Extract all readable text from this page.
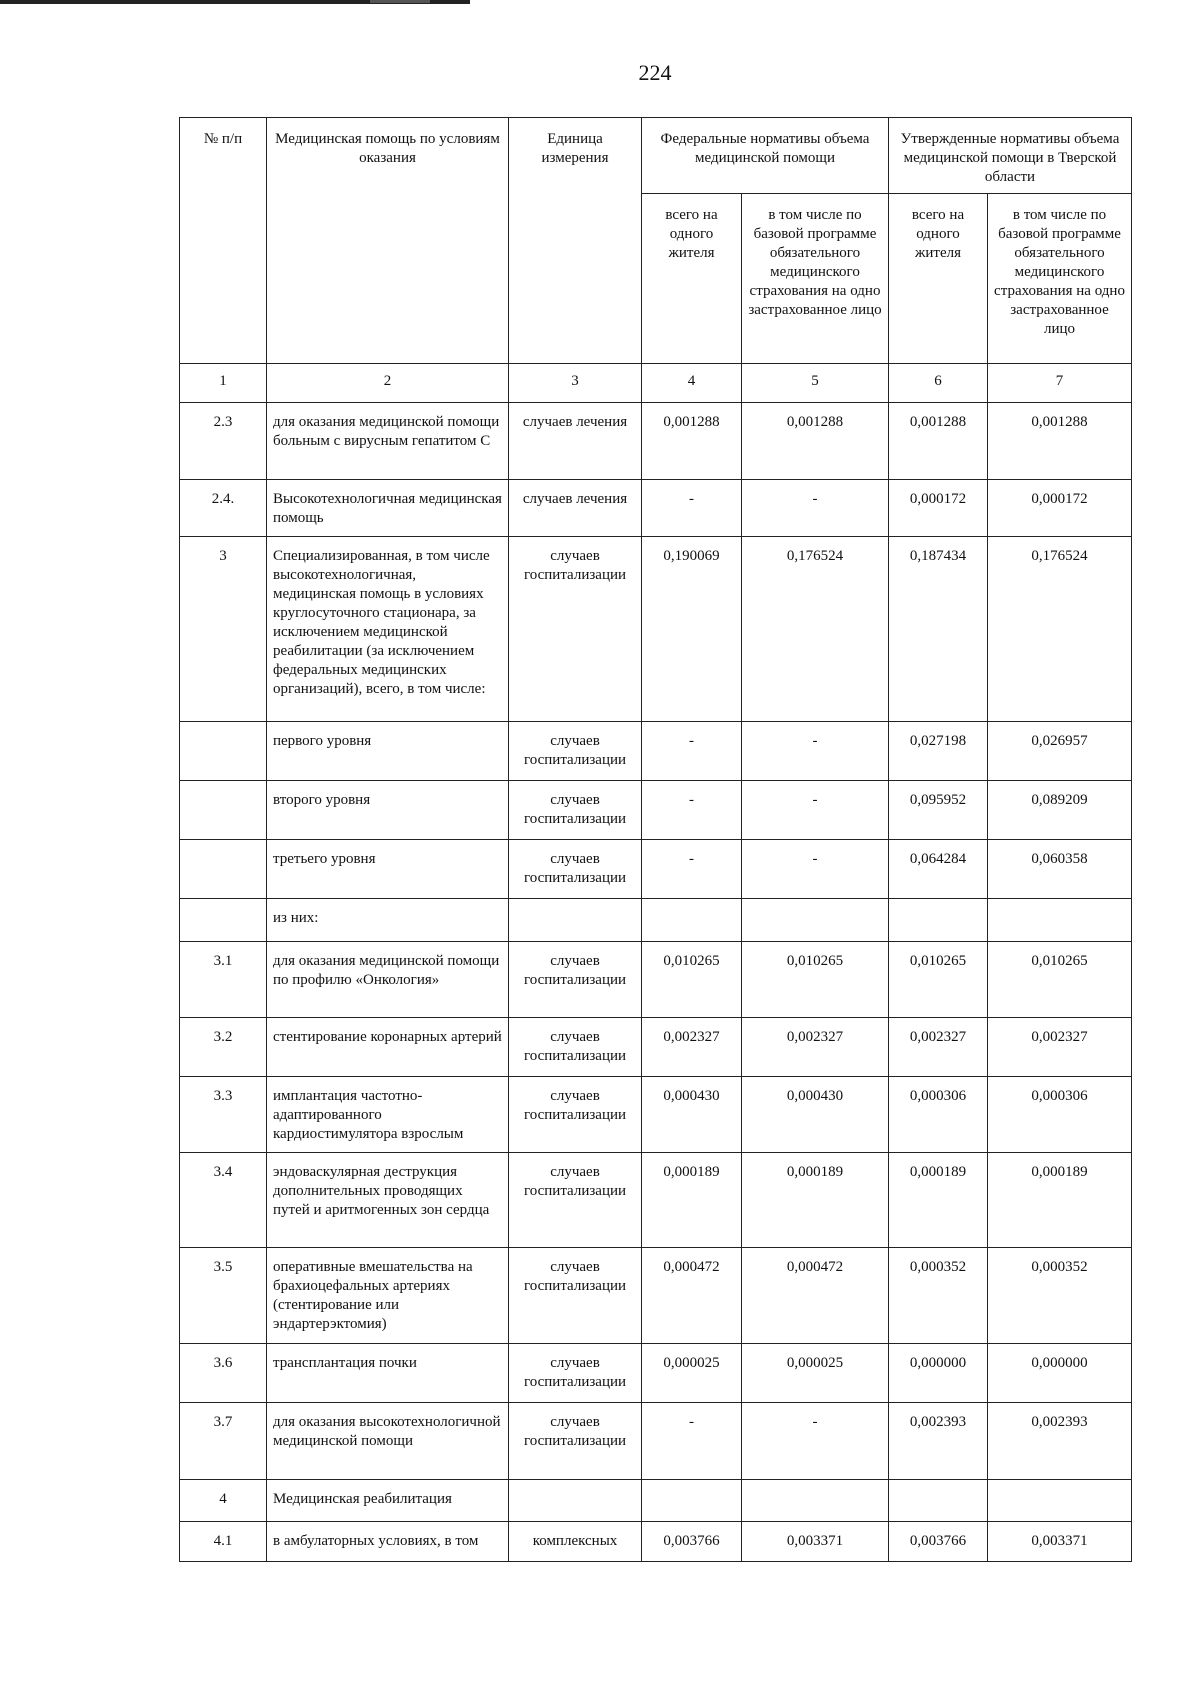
224
№ п/п	Медицинская помощь по условиям оказания	Единица измерения	Федеральные нормативы объема медицинской помощи		Утвержденные нормативы объема медицинской помощи в Тверской области	
			всего на одного жителя	в том числе по базовой программе обязательного медицинского страхования на одно застрахованное лицо	всего на одного жителя	в том числе по базовой программе обязательного медицинского страхования на одно застрахованное лицо
1	2	3	4	5	6	7
2.3	для оказания медицинской помощи больным с вирусным гепатитом С	случаев лечения	0,001288	0,001288	0,001288	0,001288
2.4.	Высокотехнологичная медицинская помощь	случаев лечения	-	-	0,000172	0,000172
3	Специализированная, в том числе высокотехнологичная, медицинская помощь в условиях круглосуточного стационара, за исключением медицинской реабилитации (за исключением федеральных медицинских организаций), всего, в том числе:	случаев госпитализации	0,190069	0,176524	0,187434	0,176524
	первого уровня	случаев госпитализации	-	-	0,027198	0,026957
	второго уровня	случаев госпитализации	-	-	0,095952	0,089209
	третьего уровня	случаев госпитализации	-	-	0,064284	0,060358
	из них:					
3.1	для оказания медицинской помощи по профилю «Онкология»	случаев госпитализации	0,010265	0,010265	0,010265	0,010265
3.2	стентирование коронарных артерий	случаев госпитализации	0,002327	0,002327	0,002327	0,002327
3.3	имплантация частотно-адаптированного кардиостимулятора взрослым	случаев госпитализации	0,000430	0,000430	0,000306	0,000306
3.4	эндоваскулярная деструкция дополнительных проводящих путей и аритмогенных зон сердца	случаев госпитализации	0,000189	0,000189	0,000189	0,000189
3.5	оперативные вмешательства на брахиоцефальных артериях (стентирование или эндартерэктомия)	случаев госпитализации	0,000472	0,000472	0,000352	0,000352
3.6	трансплантация почки	случаев госпитализации	0,000025	0,000025	0,000000	0,000000
3.7	для оказания высокотехнологичной медицинской помощи	случаев госпитализации	-	-	0,002393	0,002393
4	Медицинская реабилитация					
4.1	в амбулаторных условиях, в том	комплексных	0,003766	0,003371	0,003766	0,003371
